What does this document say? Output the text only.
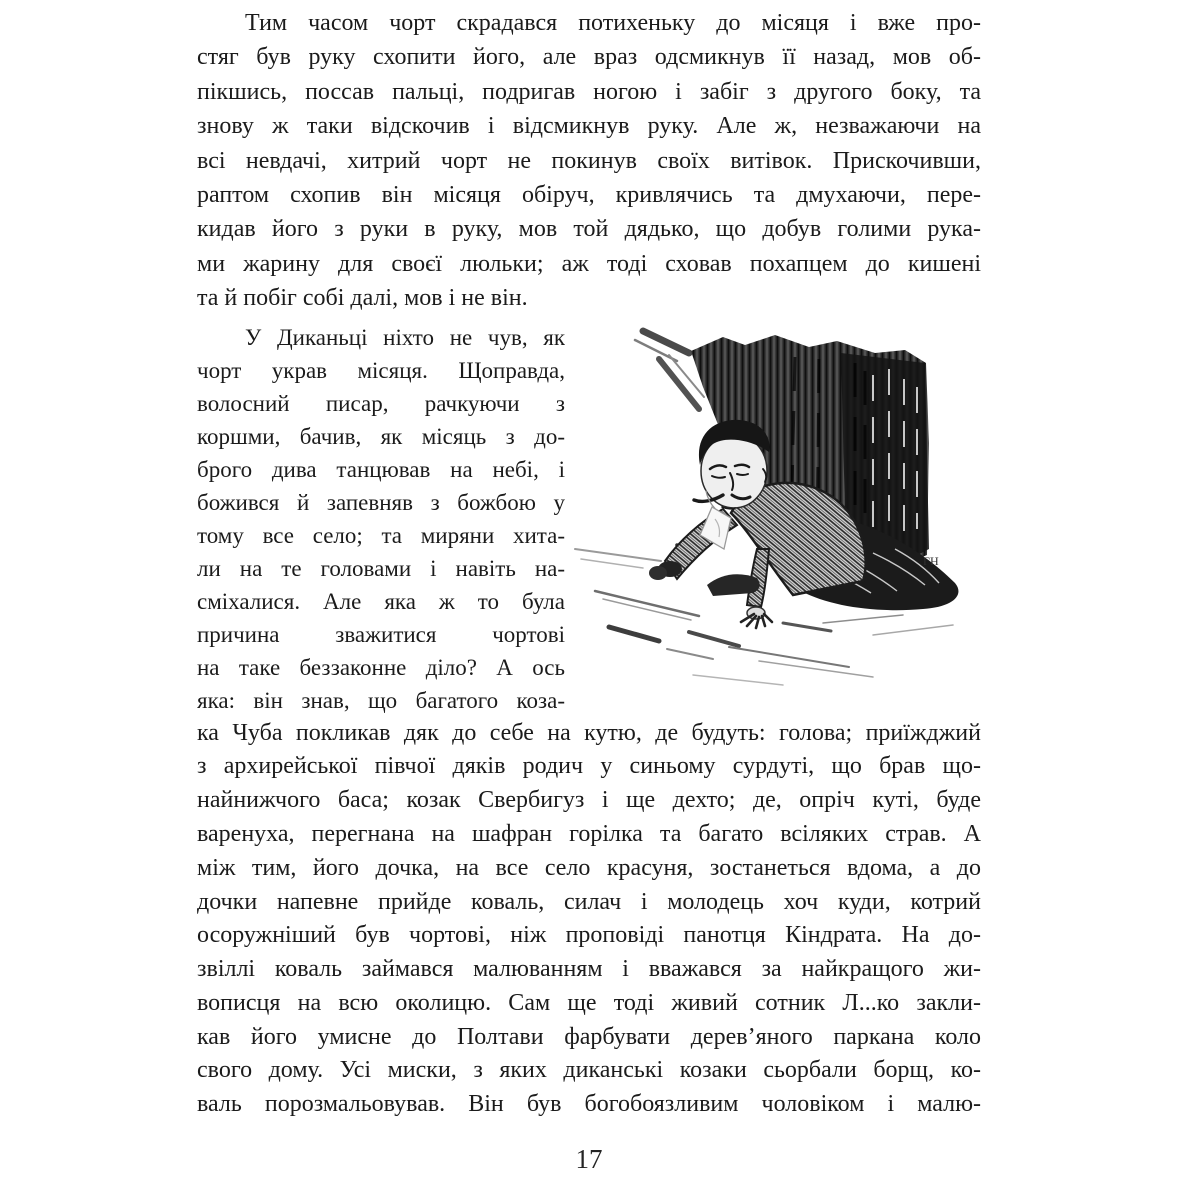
Тим часом чорт скрадався потихеньку до місяця і вже про-
стяг був руку схопити його, але враз одсмикнув її назад, мов об-
пікшись, поссав пальці, подригав ногою і забіг з другого боку, та
знову ж таки відскочив і відсмикнув руку. Але ж, незважаючи на
всі невдачі, хитрий чорт не покинув своїх витівок. Прискочивши,
раптом схопив він місяця обіруч, кривлячись та дмухаючи, пере-
кидав його з руки в руку, мов той дядько, що добув голими рука-
ми жарину для своєї люльки; аж тоді сховав похапцем до кишені
та й побіг собі далі, мов і не він.
У Диканьці ніхто не чув, як
чорт украв місяця. Щоправда,
волосний писар, рачкуючи з
коршми, бачив, як місяць з до-
брого дива танцював на небі, і
божився й запевняв з божбою у
тому все село; та миряни хита-
ли на те головами і навіть на-
сміхалися. Але яка ж то була
причина зважитися чортові
на таке беззаконне діло? А ось
яка: він знав, що багатого коза-
ГН
ка Чуба покликав дяк до себе на кутю, де будуть: голова; приїжджий
з архирейської півчої дяків родич у синьому сурдуті, що брав що-
найнижчого баса; козак Свербигуз і ще дехто; де, опріч куті, буде
варенуха, перегнана на шафран горілка та багато всіляких страв. А
між тим, його дочка, на все село красуня, зостанеться вдома, а до
дочки напевне прийде коваль, силач і молодець хоч куди, котрий
осоружніший був чортові, ніж проповіді панотця Кіндрата. На до-
звіллі коваль займався малюванням і вважався за найкращого жи-
вописця на всю околицю. Сам ще тоді живий сотник Л...ко закли-
кав його умисне до Полтави фарбувати дерев’яного паркана коло
свого дому. Усі миски, з яких диканські козаки сьорбали борщ, ко-
валь порозмальовував. Він був богобоязливим чоловіком і малю-
17
